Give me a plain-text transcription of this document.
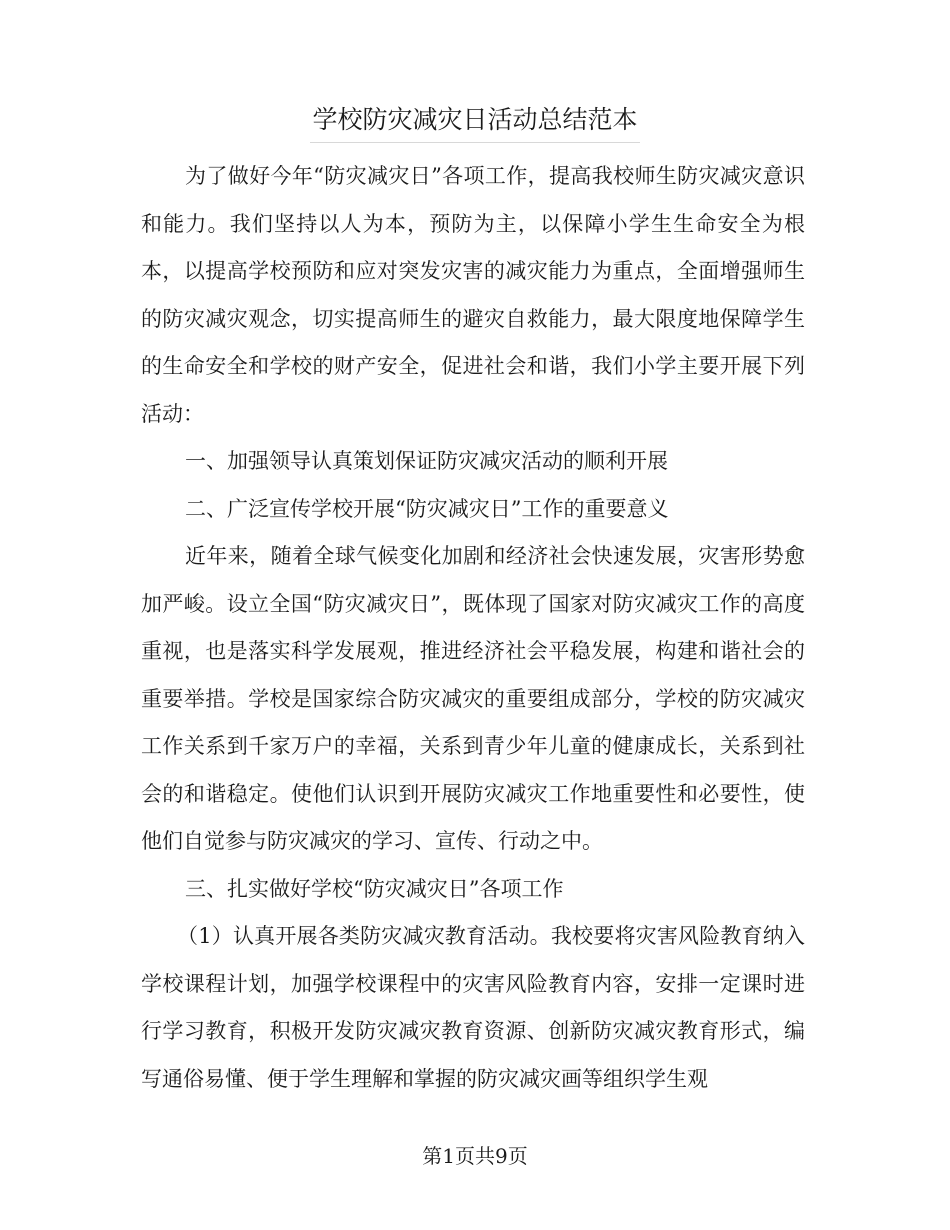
学校防灾减灾日活动总结范本

为了做好今年“防灾减灾日”各项工作，提高我校师生防灾减灾意识和能力。我们坚持以人为本，预防为主，以保障小学生生命安全为根本，以提高学校预防和应对突发灾害的减灾能力为重点，全面增强师生的防灾减灾观念，切实提高师生的避灾自救能力，最大限度地保障学生的生命安全和学校的财产安全，促进社会和谐，我们小学主要开展下列活动：

一、加强领导认真策划保证防灾减灾活动的顺利开展

二、广泛宣传学校开展“防灾减灾日”工作的重要意义

近年来，随着全球气候变化加剧和经济社会快速发展，灾害形势愈加严峻。设立全国“防灾减灾日”，既体现了国家对防灾减灾工作的高度重视，也是落实科学发展观，推进经济社会平稳发展，构建和谐社会的重要举措。学校是国家综合防灾减灾的重要组成部分，学校的防灾减灾工作关系到千家万户的幸福，关系到青少年儿童的健康成长，关系到社会的和谐稳定。使他们认识到开展防灾减灾工作地重要性和必要性，使他们自觉参与防灾减灾的学习、宣传、行动之中。

三、扎实做好学校“防灾减灾日”各项工作

（1）认真开展各类防灾减灾教育活动。我校要将灾害风险教育纳入学校课程计划，加强学校课程中的灾害风险教育内容，安排一定课时进行学习教育，积极开发防灾减灾教育资源、创新防灾减灾教育形式，编写通俗易懂、便于学生理解和掌握的防灾减灾画等组织学生观

第1页共9页
